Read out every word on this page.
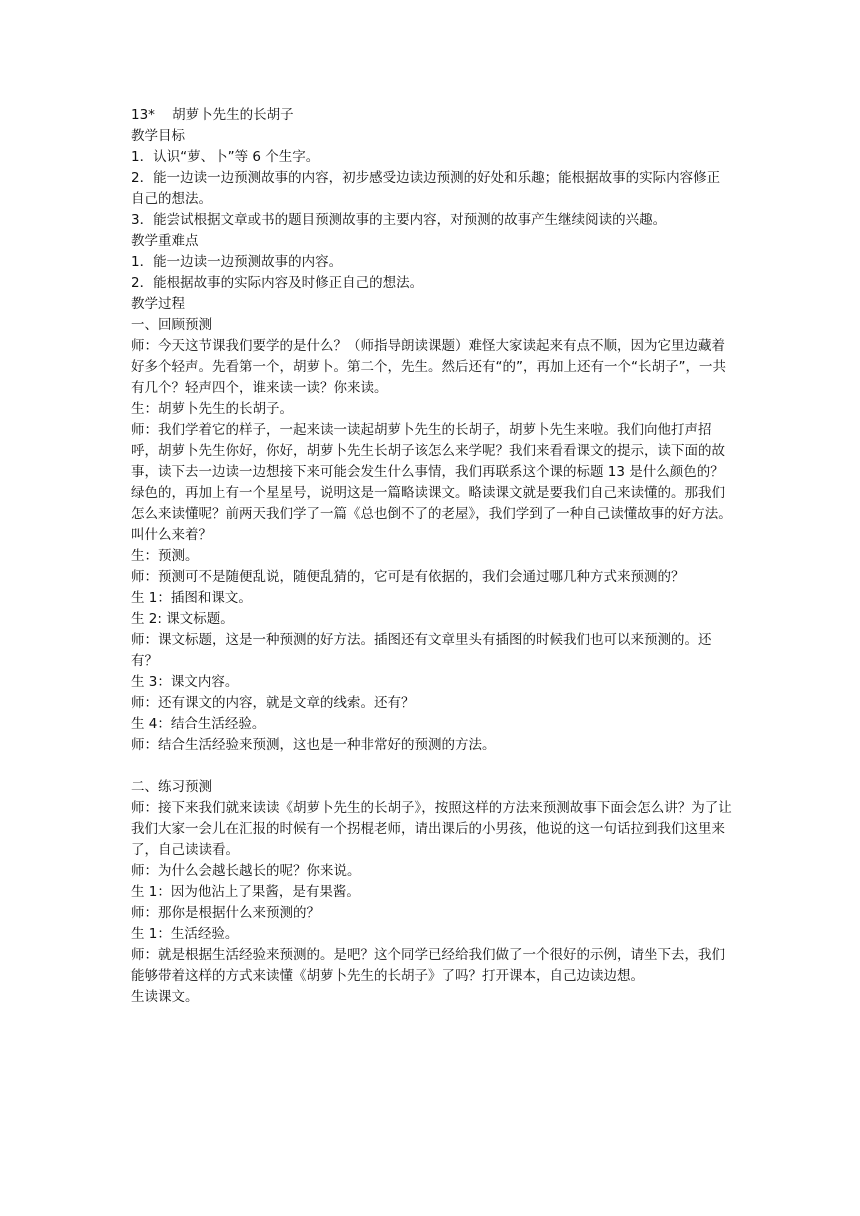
13*    胡萝卜先生的长胡子

教学目标

1．认识“萝、卜”等 6 个生字。

2．能一边读一边预测故事的内容，初步感受边读边预测的好处和乐趣；能根据故事的实际内容修正自己的想法。

3．能尝试根据文章或书的题目预测故事的主要内容，对预测的故事产生继续阅读的兴趣。

教学重难点

1．能一边读一边预测故事的内容。

2．能根据故事的实际内容及时修正自己的想法。

教学过程

一、回顾预测

师：今天这节课我们要学的是什么？（师指导朗读课题）难怪大家读起来有点不顺，因为它里边藏着好多个轻声。先看第一个，胡萝卜。第二个，先生。然后还有“的”，再加上还有一个“长胡子”，一共有几个？轻声四个，谁来读一读？你来读。

生：胡萝卜先生的长胡子。

师：我们学着它的样子，一起来读一读起胡萝卜先生的长胡子，胡萝卜先生来啦。我们向他打声招呼，胡萝卜先生你好，你好，胡萝卜先生长胡子该怎么来学呢？我们来看看课文的提示，读下面的故事，读下去一边读一边想接下来可能会发生什么事情，我们再联系这个课的标题 13 是什么颜色的？绿色的，再加上有一个星星号，说明这是一篇略读课文。略读课文就是要我们自己来读懂的。那我们怎么来读懂呢？前两天我们学了一篇《总也倒不了的老屋》，我们学到了一种自己读懂故事的好方法。叫什么来着？

生：预测。

师：预测可不是随便乱说，随便乱猜的，它可是有依据的，我们会通过哪几种方式来预测的？

生 1：插图和课文。

生 2: 课文标题。

师：课文标题，这是一种预测的好方法。插图还有文章里头有插图的时候我们也可以来预测的。还有？

生 3：课文内容。

师：还有课文的内容，就是文章的线索。还有？

生 4：结合生活经验。

师：结合生活经验来预测，这也是一种非常好的预测的方法。

二、练习预测

师：接下来我们就来读读《胡萝卜先生的长胡子》，按照这样的方法来预测故事下面会怎么讲？为了让我们大家一会儿在汇报的时候有一个拐棍老师，请出课后的小男孩，他说的这一句话拉到我们这里来了，自己读读看。

师：为什么会越长越长的呢？你来说。

生 1：因为他沾上了果酱，是有果酱。

师：那你是根据什么来预测的？

生 1：生活经验。

师：就是根据生活经验来预测的。是吧？这个同学已经给我们做了一个很好的示例，请坐下去，我们能够带着这样的方式来读懂《胡萝卜先生的长胡子》了吗？打开课本，自己边读边想。

生读课文。
